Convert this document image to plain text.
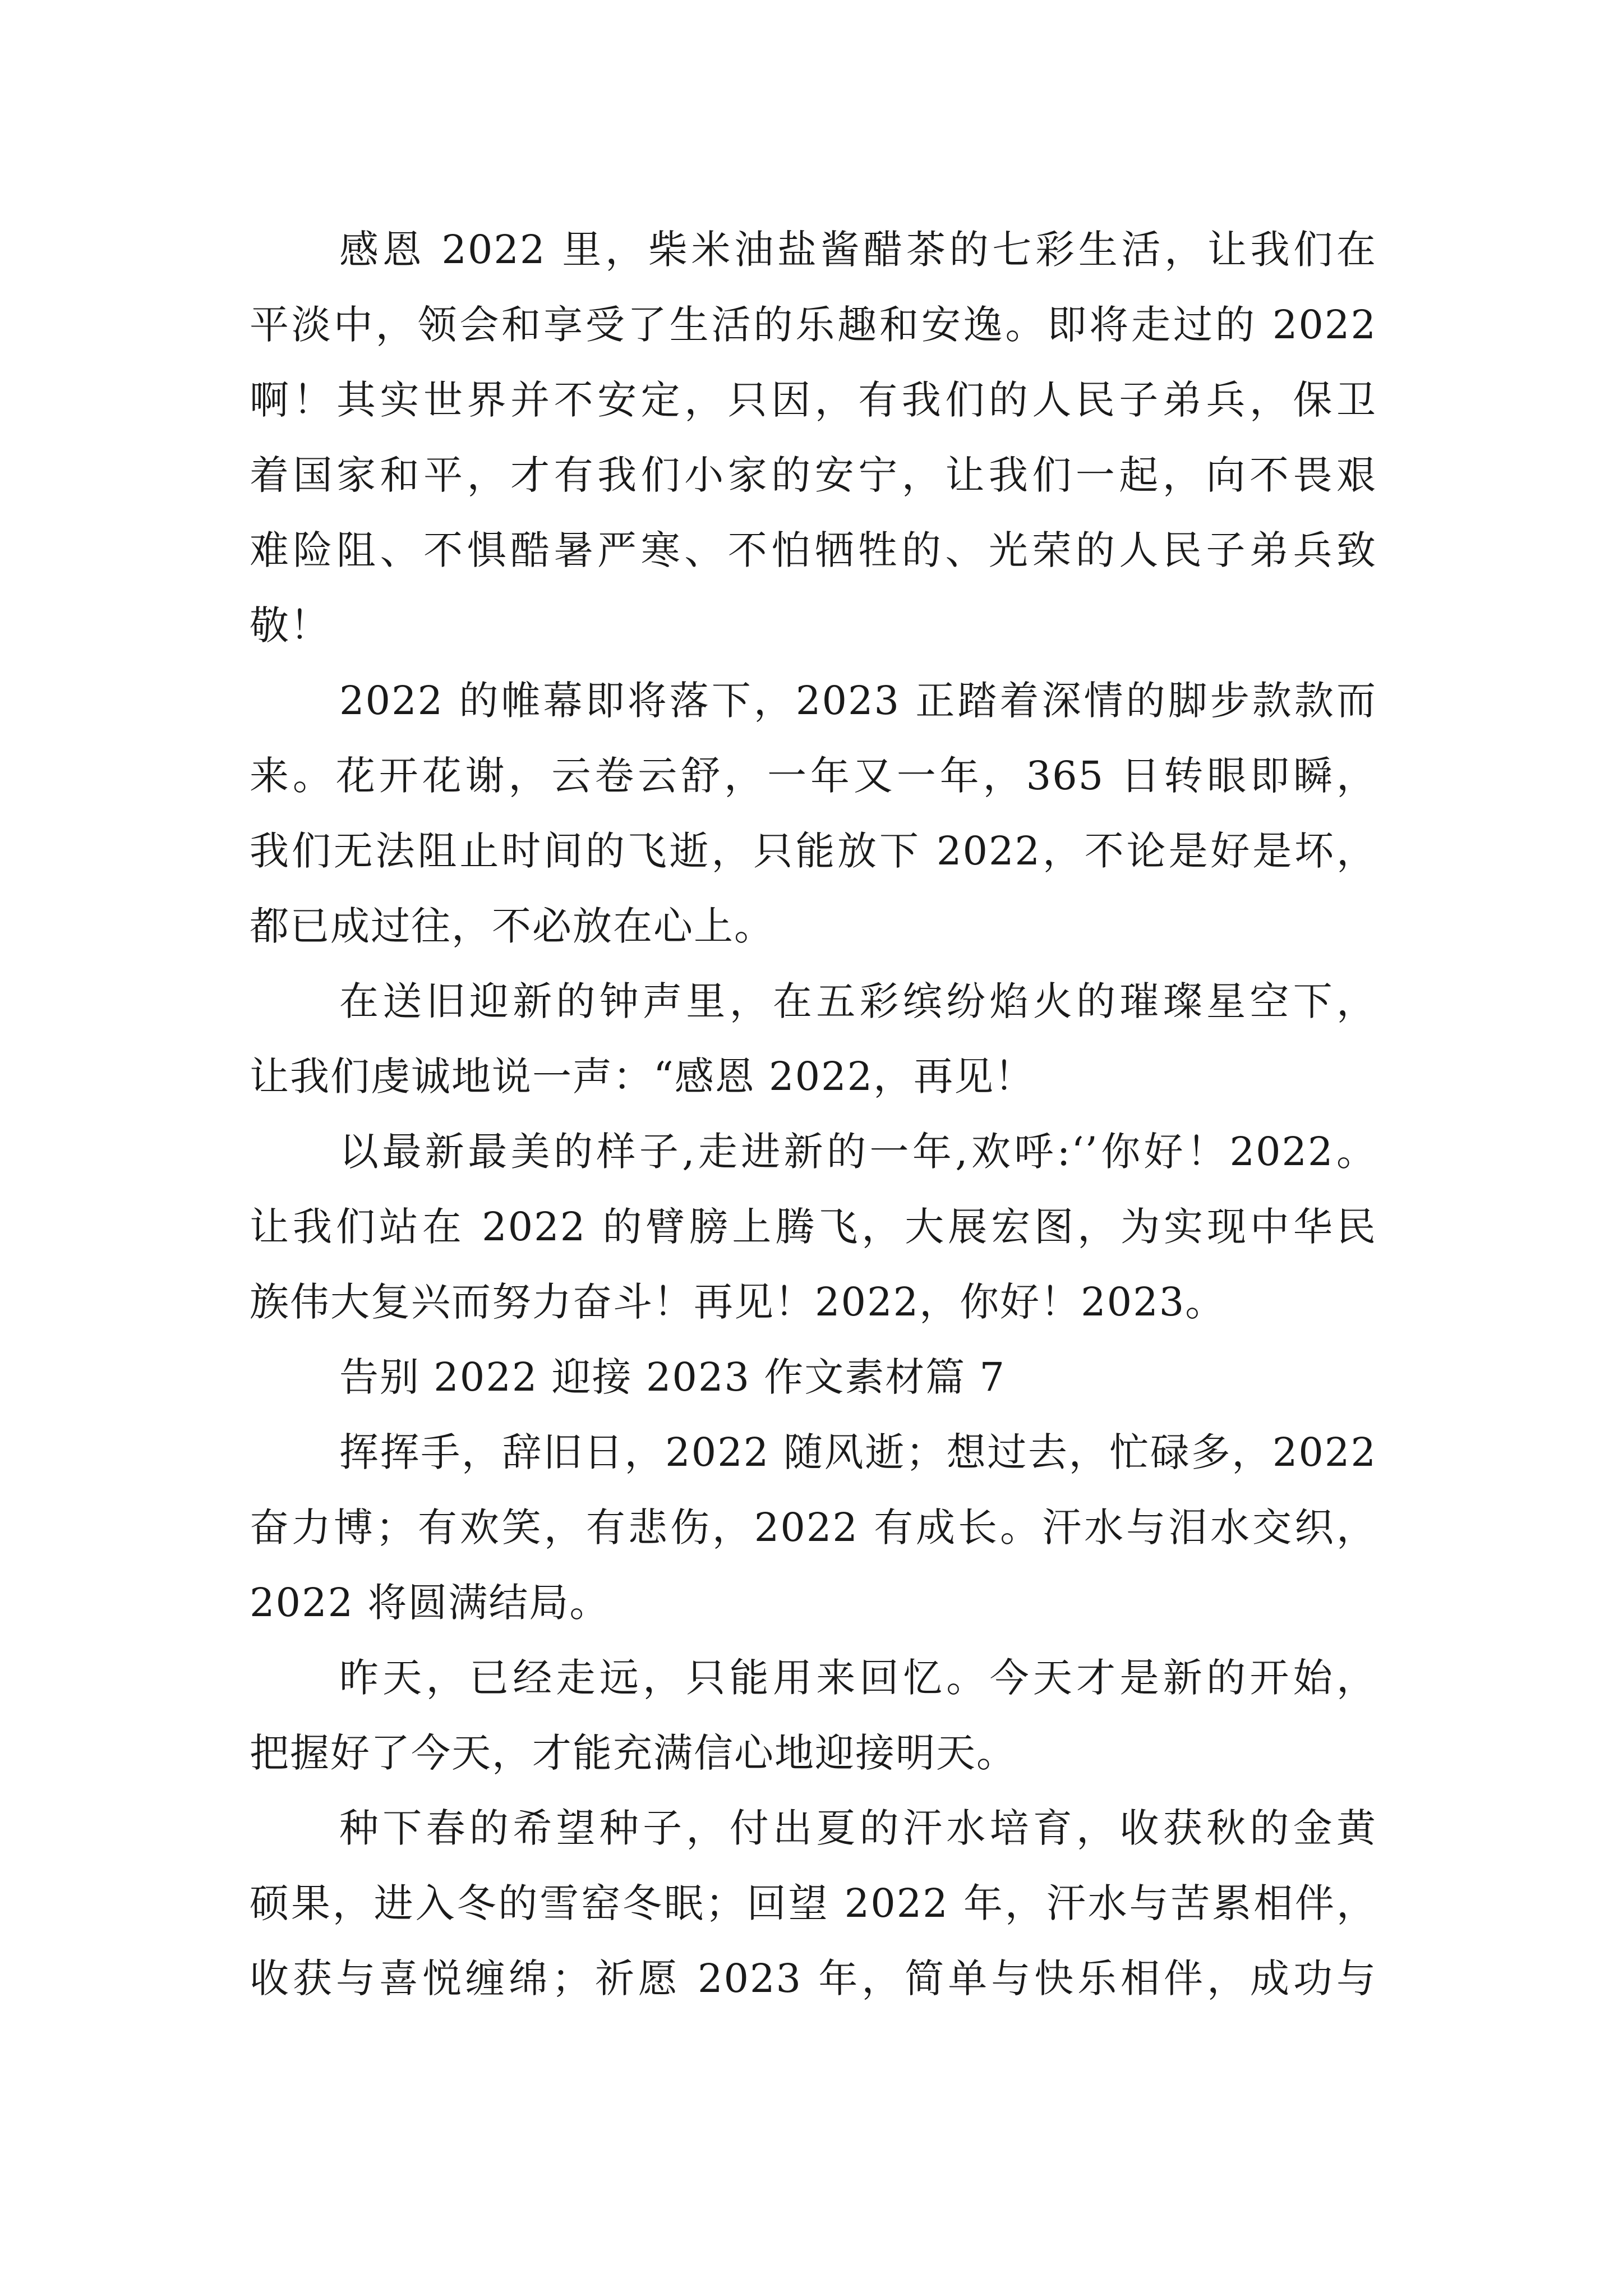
感恩 2022 里，柴米油盐酱醋茶的七彩生活，让我们在
平淡中，领会和享受了生活的乐趣和安逸。即将走过的 2022
啊！其实世界并不安定，只因，有我们的人民子弟兵，保卫
着国家和平，才有我们小家的安宁，让我们一起，向不畏艰
难险阻、不惧酷暑严寒、不怕牺牲的、光荣的人民子弟兵致
敬！
2022 的帷幕即将落下，2023 正踏着深情的脚步款款而
来。花开花谢，云卷云舒，一年又一年，365 日转眼即瞬，
我们无法阻止时间的飞逝，只能放下 2022，不论是好是坏，
都已成过往，不必放在心上。
在送旧迎新的钟声里，在五彩缤纷焰火的璀璨星空下，
让我们虔诚地说一声：“感恩 2022，再见！
以最新最美的样子,走进新的一年,欢呼:‘’你好！2022。
让我们站在 2022 的臂膀上腾飞，大展宏图，为实现中华民
族伟大复兴而努力奋斗！再见！2022，你好！2023。
告别 2022 迎接 2023 作文素材篇 7
挥挥手，辞旧日，2022 随风逝；想过去，忙碌多，2022
奋力博；有欢笑，有悲伤，2022 有成长。汗水与泪水交织，
2022 将圆满结局。
昨天，已经走远，只能用来回忆。今天才是新的开始，
把握好了今天，才能充满信心地迎接明天。
种下春的希望种子，付出夏的汗水培育，收获秋的金黄
硕果，进入冬的雪窑冬眠；回望 2022 年，汗水与苦累相伴，
收获与喜悦缠绵；祈愿 2023 年，简单与快乐相伴，成功与
